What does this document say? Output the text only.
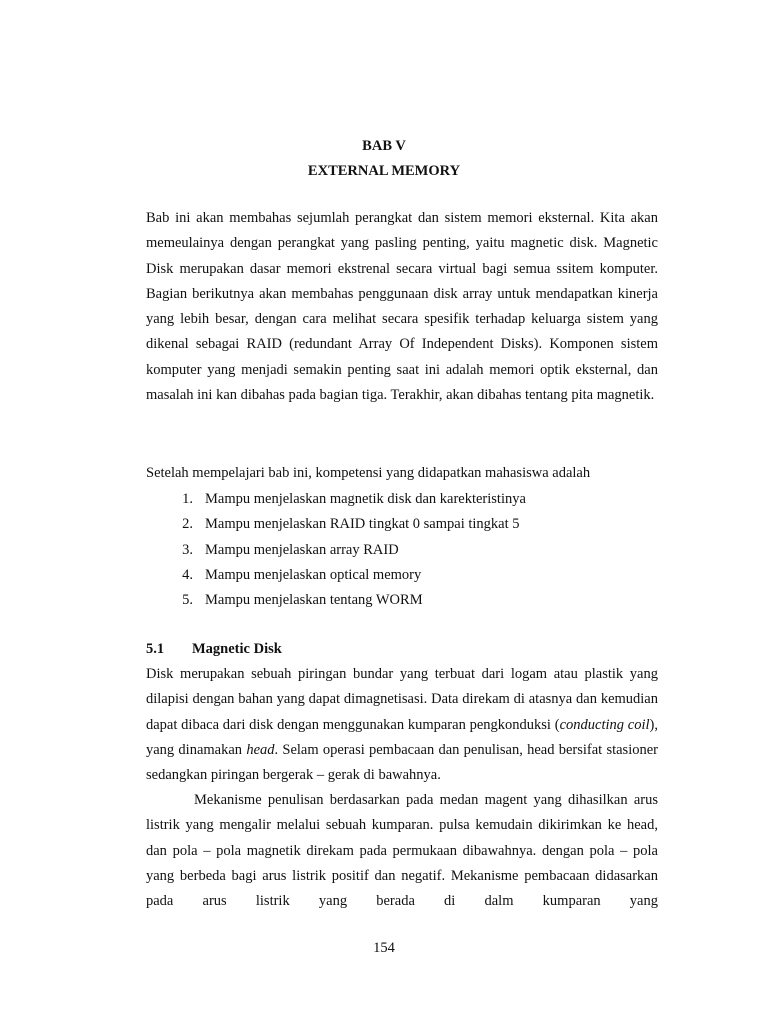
BAB V
EXTERNAL MEMORY

Bab ini akan membahas sejumlah perangkat dan sistem memori eksternal. Kita akan memeulainya dengan perangkat yang pasling penting, yaitu magnetic disk. Magnetic Disk merupakan dasar memori ekstrenal secara virtual bagi semua ssitem komputer. Bagian berikutnya akan membahas penggunaan disk array untuk mendapatkan kinerja yang lebih besar, dengan cara melihat secara spesifik terhadap keluarga sistem yang dikenal sebagai RAID (redundant Array Of Independent Disks). Komponen sistem komputer yang menjadi semakin penting saat ini adalah memori optik eksternal, dan masalah ini kan dibahas pada bagian tiga. Terakhir, akan dibahas tentang pita magnetik.

Setelah mempelajari bab ini, kompetensi yang didapatkan mahasiswa adalah
1. Mampu menjelaskan magnetik disk dan karekteristinya
2. Mampu menjelaskan RAID tingkat 0 sampai tingkat 5
3. Mampu menjelaskan array RAID
4. Mampu menjelaskan optical memory
5. Mampu menjelaskan tentang WORM
5.1	Magnetic Disk

Disk merupakan sebuah piringan bundar yang terbuat dari logam atau plastik yang dilapisi dengan bahan yang dapat dimagnetisasi. Data direkam di atasnya dan kemudian dapat dibaca dari disk dengan menggunakan kumparan pengkonduksi (conducting coil), yang dinamakan head. Selam operasi pembacaan dan penulisan, head bersifat stasioner sedangkan piringan bergerak – gerak di bawahnya.

Mekanisme penulisan berdasarkan pada medan magent yang dihasilkan arus listrik yang mengalir melalui sebuah kumparan. pulsa kemudain dikirimkan ke head, dan pola – pola magnetik direkam pada permukaan dibawahnya. dengan pola – pola yang berbeda bagi arus listrik positif dan negatif. Mekanisme pembacaan didasarkan pada arus listrik yang berada di dalm kumparan yang

154
